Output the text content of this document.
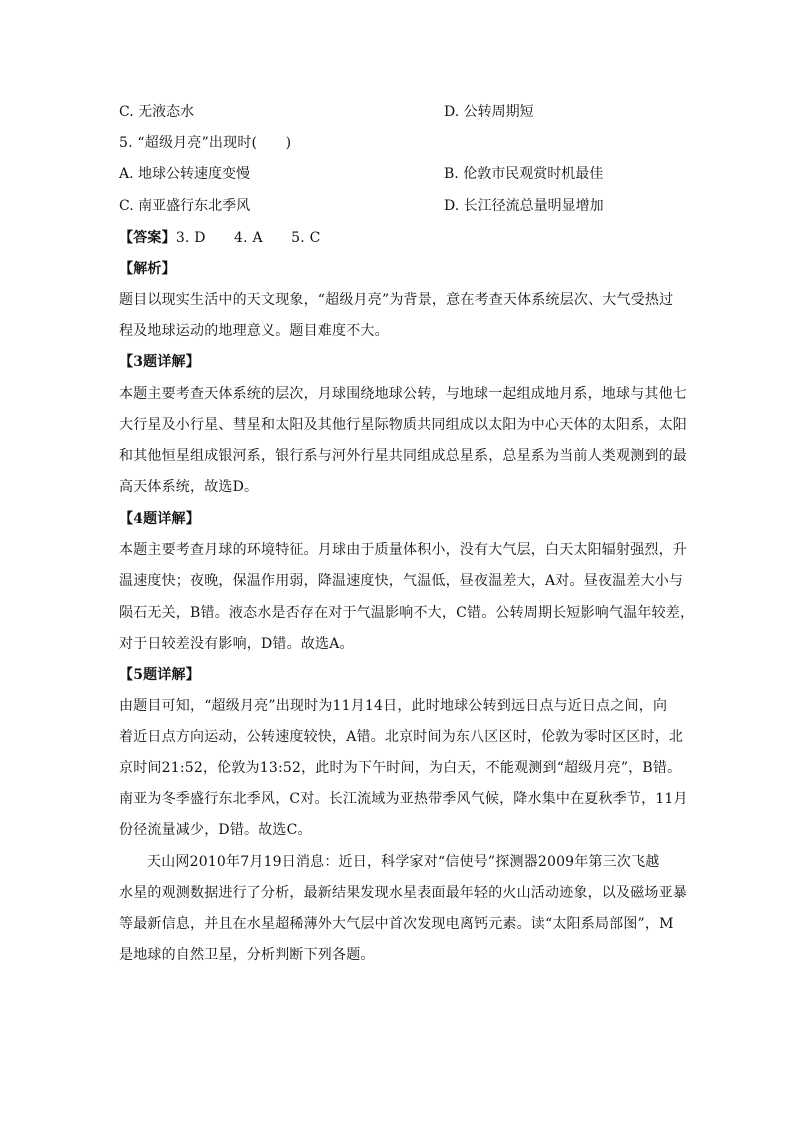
C. 无液态水	D. 公转周期短
5. “超级月亮”出现时(　　)
A. 地球公转速度变慢	B. 伦敦市民观赏时机最佳
C. 南亚盛行东北季风	D. 长江径流总量明显增加
【答案】3. D　　4. A　　5. C
【解析】
题目以现实生活中的天文现象，“超级月亮”为背景，意在考查天体系统层次、大气受热过
程及地球运动的地理意义。题目难度不大。
【3题详解】
本题主要考查天体系统的层次，月球围绕地球公转，与地球一起组成地月系，地球与其他七
大行星及小行星、彗星和太阳及其他行星际物质共同组成以太阳为中心天体的太阳系，太阳
和其他恒星组成银河系，银行系与河外行星共同组成总星系，总星系为当前人类观测到的最
高天体系统，故选D。
【4题详解】
本题主要考查月球的环境特征。月球由于质量体积小，没有大气层，白天太阳辐射强烈，升
温速度快；夜晚，保温作用弱，降温速度快，气温低，昼夜温差大，A对。昼夜温差大小与
陨石无关，B错。液态水是否存在对于气温影响不大，C错。公转周期长短影响气温年较差，
对于日较差没有影响，D错。故选A。
【5题详解】
由题目可知，“超级月亮”出现时为11月14日，此时地球公转到远日点与近日点之间，向
着近日点方向运动，公转速度较快，A错。北京时间为东八区区时，伦敦为零时区区时，北
京时间21:52，伦敦为13:52，此时为下午时间，为白天，不能观测到“超级月亮”，B错。
南亚为冬季盛行东北季风，C对。长江流域为亚热带季风气候，降水集中在夏秋季节，11月
份径流量减少，D错。故选C。
天山网2010年7月19日消息：近日，科学家对“信使号”探测器2009年第三次飞越
水星的观测数据进行了分析，最新结果发现水星表面最年轻的火山活动迹象，以及磁场亚暴
等最新信息，并且在水星超稀薄外大气层中首次发现电离钙元素。读“太阳系局部图”，M
是地球的自然卫星，分析判断下列各题。
